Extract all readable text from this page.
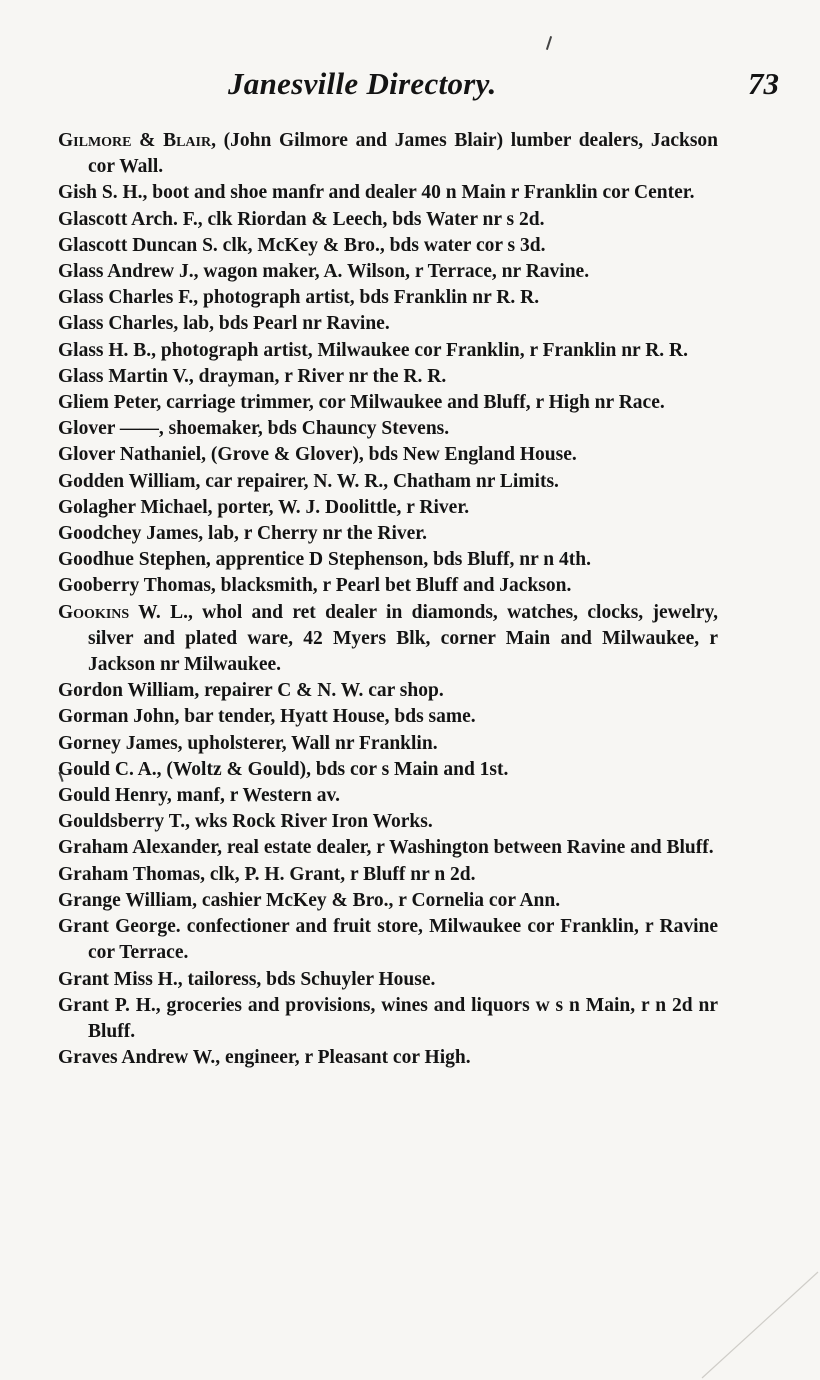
Janesville Directory.	73
Gilmore & Blair, (John Gilmore and James Blair) lumber dealers, Jackson cor Wall.
Gish S. H., boot and shoe manfr and dealer 40 n Main r Franklin cor Center.
Glascott Arch. F., clk Riordan & Leech, bds Water nr s 2d.
Glascott Duncan S. clk, McKey & Bro., bds water cor s 3d.
Glass Andrew J., wagon maker, A. Wilson, r Terrace, nr Ravine.
Glass Charles F., photograph artist, bds Franklin nr R. R.
Glass Charles, lab, bds Pearl nr Ravine.
Glass H. B., photograph artist, Milwaukee cor Franklin, r Franklin nr R. R.
Glass Martin V., drayman, r River nr the R. R.
Gliem Peter, carriage trimmer, cor Milwaukee and Bluff, r High nr Race.
Glover ——, shoemaker, bds Chauncy Stevens.
Glover Nathaniel, (Grove & Glover), bds New England House.
Godden William, car repairer, N. W. R., Chatham nr Limits.
Golagher Michael, porter, W. J. Doolittle, r River.
Goodchey James, lab, r Cherry nr the River.
Goodhue Stephen, apprentice D Stephenson, bds Bluff, nr n 4th.
Gooberry Thomas, blacksmith, r Pearl bet Bluff and Jackson.
Gookins W. L., whol and ret dealer in diamonds, watches, clocks, jewelry, silver and plated ware, 42 Myers Blk, corner Main and Milwaukee, r Jackson nr Milwaukee.
Gordon William, repairer C & N. W. car shop.
Gorman John, bar tender, Hyatt House, bds same.
Gorney James, upholsterer, Wall nr Franklin.
Gould C. A., (Woltz & Gould), bds cor s Main and 1st.
Gould Henry, manf, r Western av.
Gouldsberry T., wks Rock River Iron Works.
Graham Alexander, real estate dealer, r Washington between Ravine and Bluff.
Graham Thomas, clk, P. H. Grant, r Bluff nr n 2d.
Grange William, cashier McKey & Bro., r Cornelia cor Ann.
Grant George. confectioner and fruit store, Milwaukee cor Franklin, r Ravine cor Terrace.
Grant Miss H., tailoress, bds Schuyler House.
Grant P. H., groceries and provisions, wines and liquors w s n Main, r n 2d nr Bluff.
Graves Andrew W., engineer, r Pleasant cor High.
